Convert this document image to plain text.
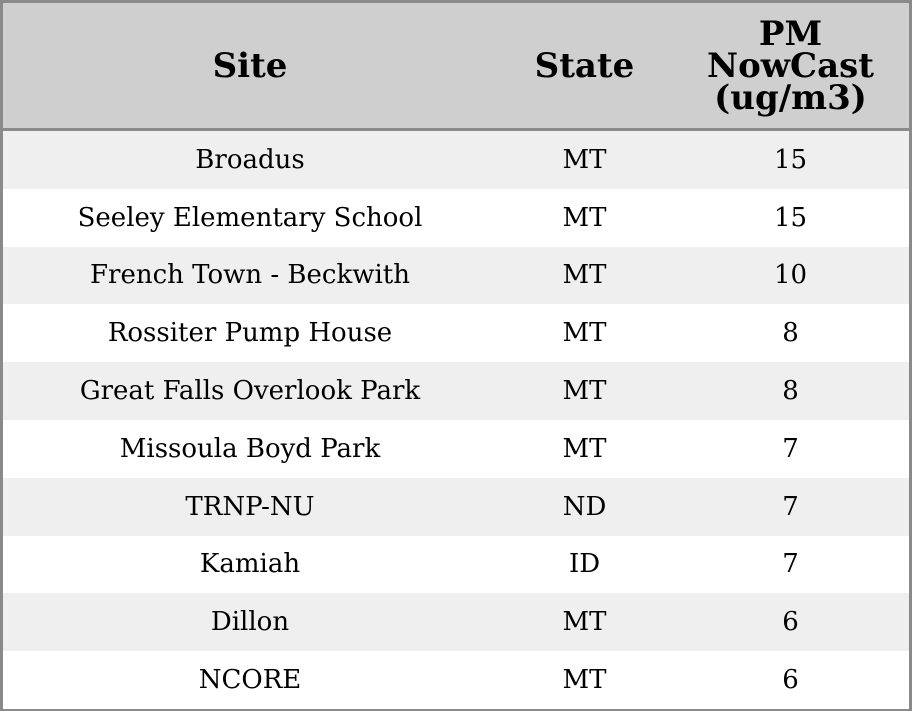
Site	State	PM
NowCast
(ug/m3)

Broadus	MT	15
Seeley Elementary School	MT	15
French Town - Beckwith	MT	10
Rossiter Pump House	MT	8
Great Falls Overlook Park	MT	8
Missoula Boyd Park	MT	7
TRNP-NU	ND	7
Kamiah	ID	7
Dillon	MT	6
NCORE	MT	6
